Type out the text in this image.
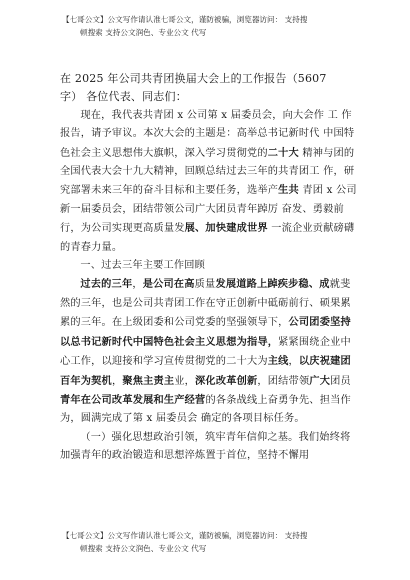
【七哥公文】公文写作请认准七哥公文，谨防被骗，浏览器访问： 支持搜
顿搜索 支持公文润色、专业公文 代写

在 2025 年公司共青团换届大会上的工作报告（5607
字） 各位代表、同志们：

现在，我代表共青团 x 公司第 x 届委员会，向大会作 工 作报告，请予审议。本次大会的主题是：高举总书记新时代 中国特色社会主义思想伟大旗帜，深入学习贯彻党的二十大 精神与团的全国代表大会十九大精神，回顾总结过去三年的共青团工 作，研究部署未来三年的奋斗目标和主要任务，选举产生共 青团 x 公司新一届委员会，团结带领公司广大团员青年踔厉 奋发、勇毅前行，为公司实现更高质量发展、加快建成世界 一流企业贡献磅礴的青春力量。

一、过去三年主要工作回顾

过去的三年，是公司在高质量发展道路上踔疾步稳、成就斐然的三年，也是公司共青团工作在守正创新中砥砺前行、硕果累累的三年。在上级团委和公司党委的坚强领导下，公司团委坚持以总书记新时代中国特色社会主义思想为指导，紧紧围绕企业中心工作，以迎接和学习宣传贯彻党的二十大为主线，以庆祝建团百年为契机，聚焦主责主业，深化改革创新，团结带领广大团员青年在公司改革发展和生产经营的各条战线上奋勇争先、担当作为，圆满完成了第 x 届委员会 确定的各项目标任务。

（一）强化思想政治引领，筑牢青年信仰之基。我们始终将加强青年的政治锻造和思想淬炼置于首位，坚持不懈用

【七哥公文】公文写作请认准七哥公文，谨防被骗，浏览器访问： 支持搜
顿搜索 支持公文润色、专业公文 代写
